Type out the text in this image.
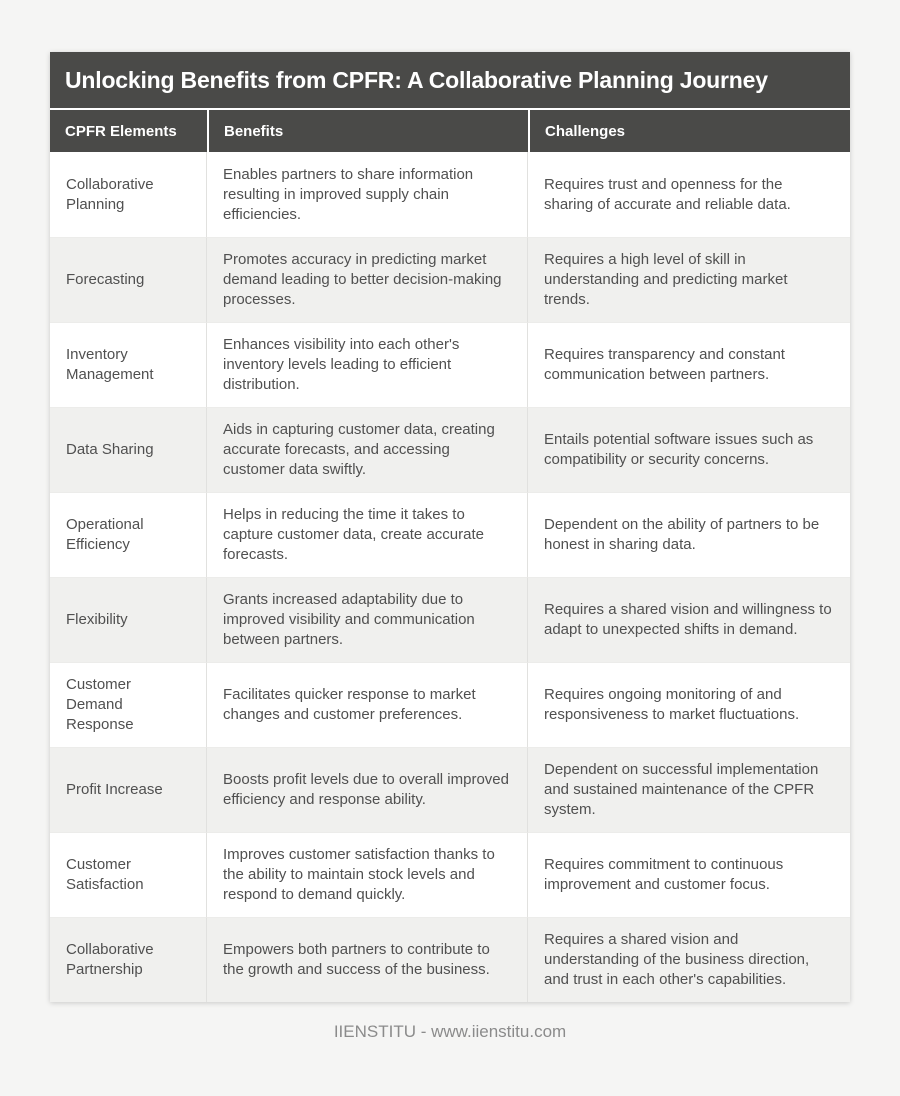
Unlocking Benefits from CPFR: A Collaborative Planning Journey
CPFR Elements	Benefits	Challenges
Collaborative Planning
Enables partners to share information resulting in improved supply chain efficiencies.
Requires trust and openness for the sharing of accurate and reliable data.
Forecasting
Promotes accuracy in predicting market demand leading to better decision-making processes.
Requires a high level of skill in understanding and predicting market trends.
Inventory Management
Enhances visibility into each other's inventory levels leading to efficient distribution.
Requires transparency and constant communication between partners.
Data Sharing
Aids in capturing customer data, creating accurate forecasts, and accessing customer data swiftly.
Entails potential software issues such as compatibility or security concerns.
Operational Efficiency
Helps in reducing the time it takes to capture customer data, create accurate forecasts.
Dependent on the ability of partners to be honest in sharing data.
Flexibility
Grants increased adaptability due to improved visibility and communication between partners.
Requires a shared vision and willingness to adapt to unexpected shifts in demand.
Customer Demand Response
Facilitates quicker response to market changes and customer preferences.
Requires ongoing monitoring of and responsiveness to market fluctuations.
Profit Increase
Boosts profit levels due to overall improved efficiency and response ability.
Dependent on successful implementation and sustained maintenance of the CPFR system.
Customer Satisfaction
Improves customer satisfaction thanks to the ability to maintain stock levels and respond to demand quickly.
Requires commitment to continuous improvement and customer focus.
Collaborative Partnership
Empowers both partners to contribute to the growth and success of the business.
Requires a shared vision and understanding of the business direction, and trust in each other's capabilities.
IIENSTITU - www.iienstitu.com
